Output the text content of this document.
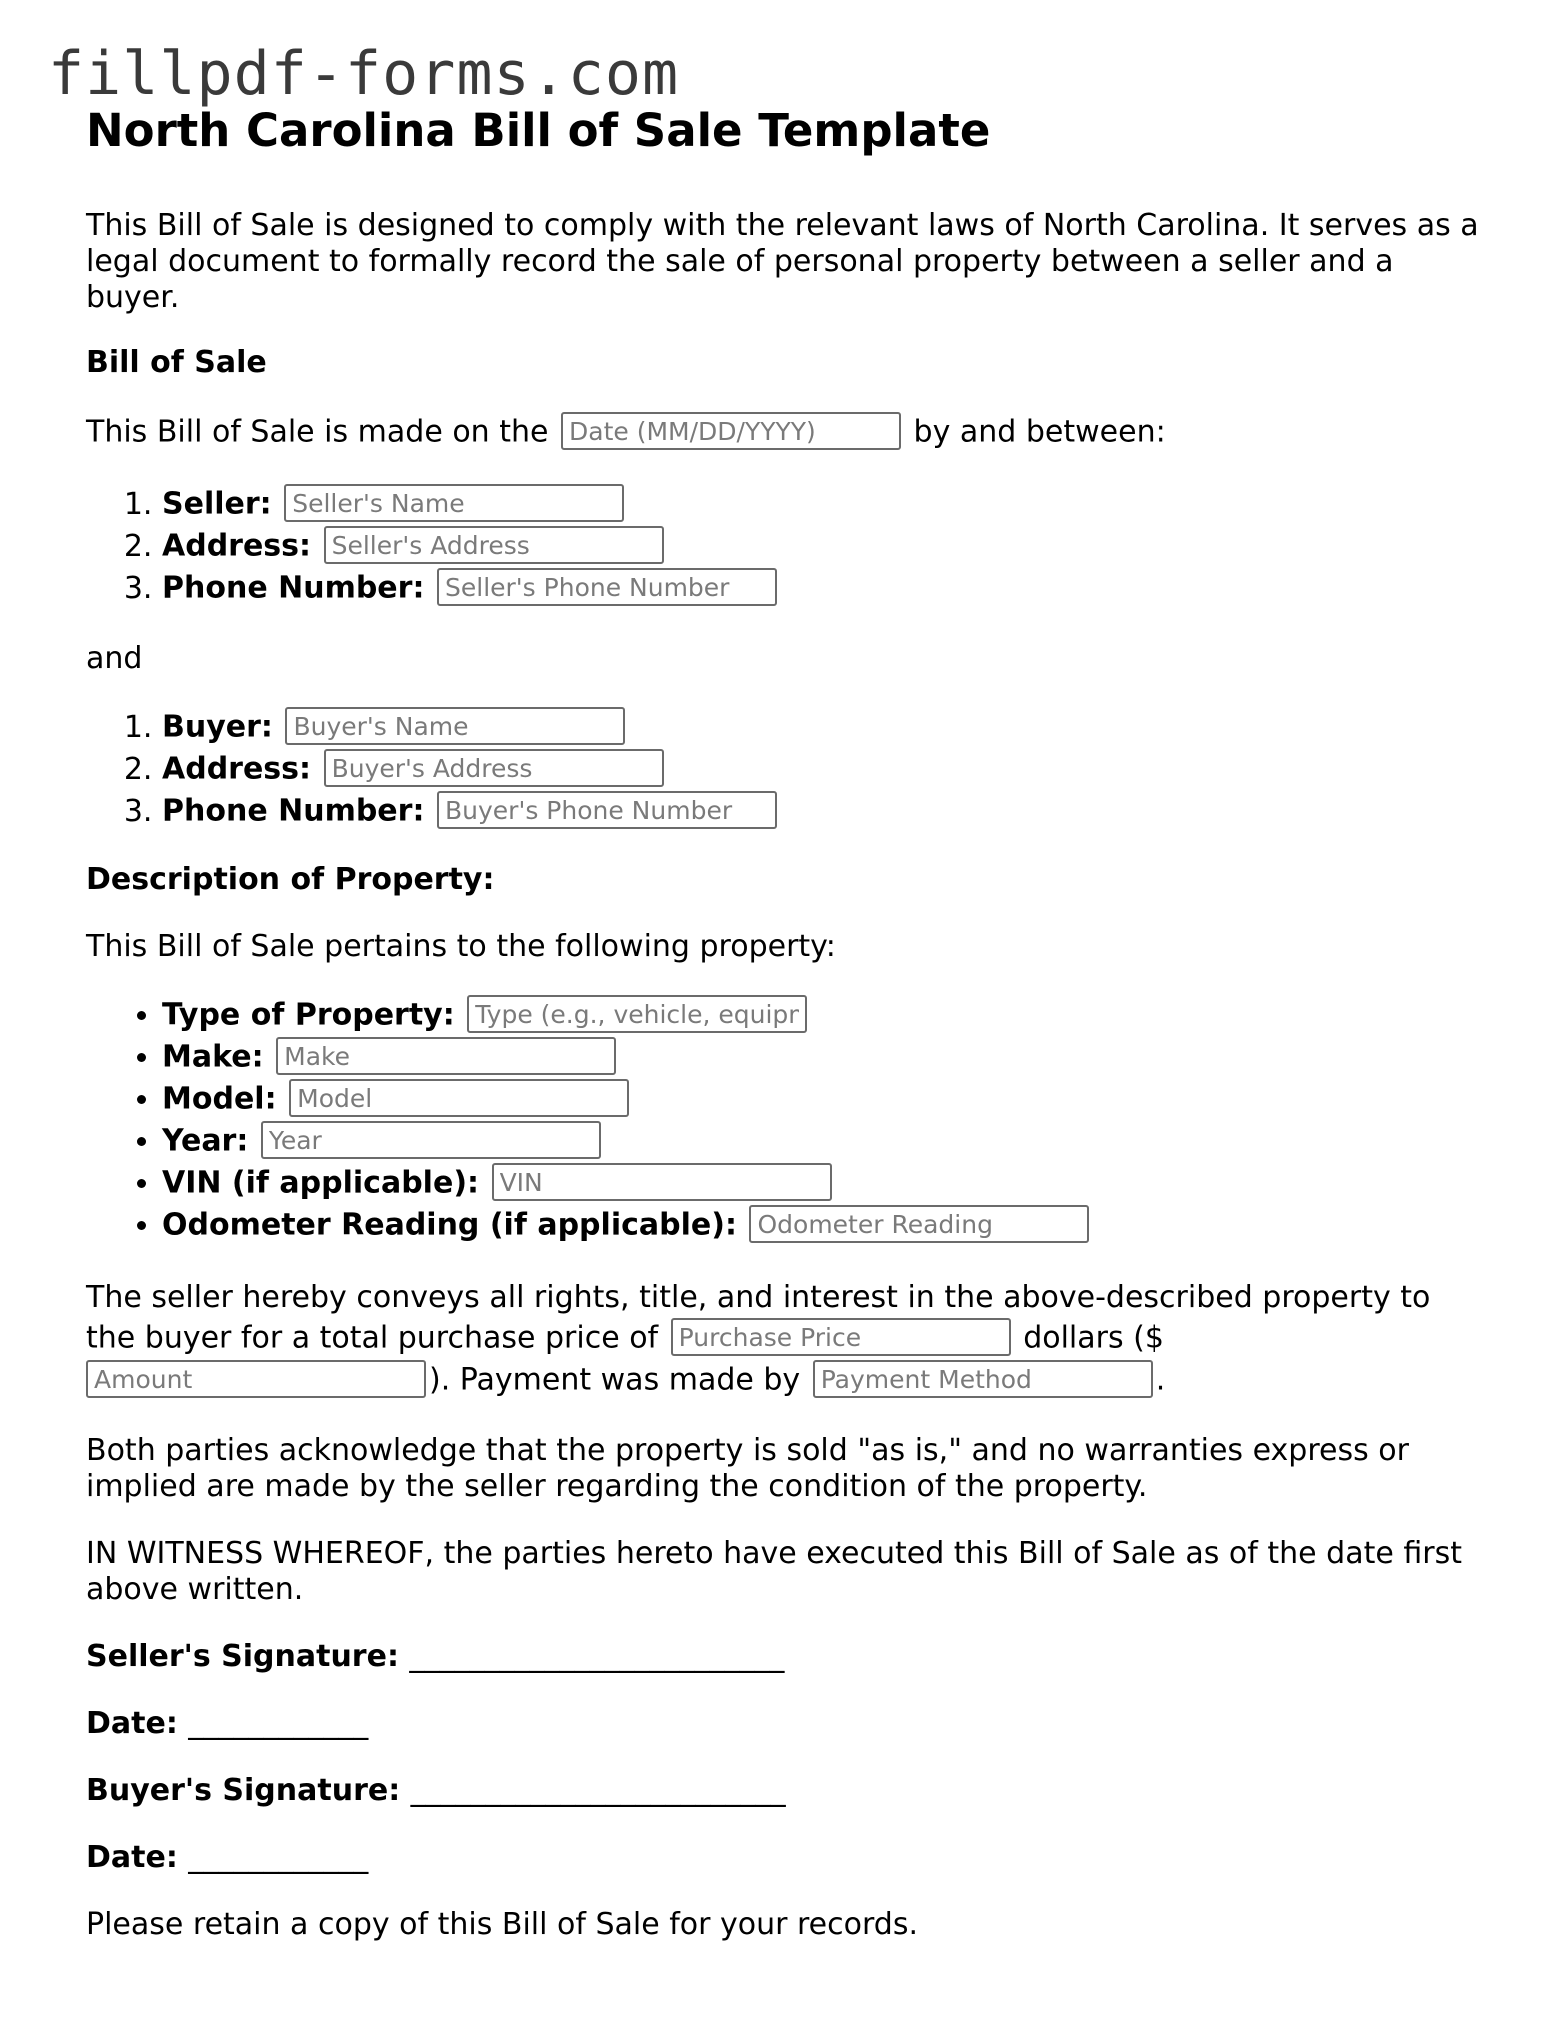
fillpdf-forms.com
North Carolina Bill of Sale Template

This Bill of Sale is designed to comply with the relevant laws of North Carolina. It serves as a legal document to formally record the sale of personal property between a seller and a buyer.

Bill of Sale

This Bill of Sale is made on the Date (MM/DD/YYYY)	by and between:

1. Seller: Seller's Name
2. Address: Seller's Address
3. Phone Number: Seller's Phone Number

and

1. Buyer: Buyer's Name
2. Address: Buyer's Address
3. Phone Number: Buyer's Phone Number
Description of Property:

This Bill of Sale pertains to the following property:

• Type of Property: Type (e.g., vehicle, equipment)
• Make: Make
• Model: Model
• Year: Year
• VIN (if applicable): VIN
• Odometer Reading (if applicable): Odometer Reading

The seller hereby conveys all rights, title, and interest in the above-described property to the buyer for a total purchase price of Purchase Price	dollars ($ Amount). Payment was made by Payment Method	.

Both parties acknowledge that the property is sold "as is," and no warranties express or implied are made by the seller regarding the condition of the property.

IN WITNESS WHEREOF, the parties hereto have executed this Bill of Sale as of the date first above written.

Seller's Signature: _________________________

Date: ____________

Buyer's Signature: _________________________

Date: ____________

Please retain a copy of this Bill of Sale for your records.
